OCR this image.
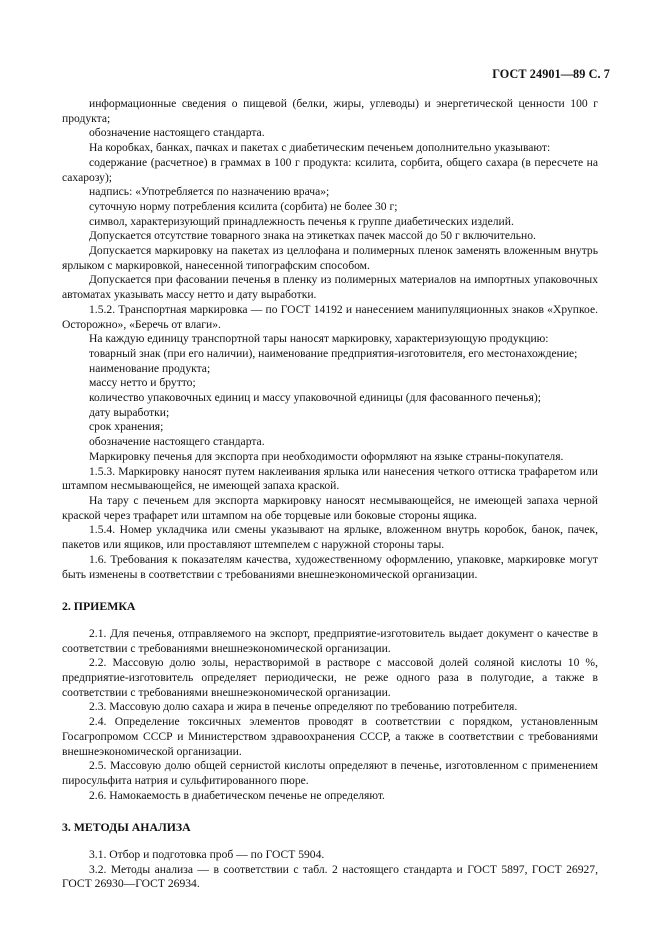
ГОСТ 24901—89 С. 7

информационные сведения о пищевой (белки, жиры, углеводы) и энергетической ценности 100 г продукта;

обозначение настоящего стандарта.

На коробках, банках, пачках и пакетах с диабетическим печеньем дополнительно указывают:

содержание (расчетное) в граммах в 100 г продукта: ксилита, сорбита, общего сахара (в пересчете на сахарозу);

надпись: «Употребляется по назначению врача»;

суточную норму потребления ксилита (сорбита) не более 30 г;

символ, характеризующий принадлежность печенья к группе диабетических изделий.

Допускается отсутствие товарного знака на этикетках пачек массой до 50 г включительно.

Допускается маркировку на пакетах из целлофана и полимерных пленок заменять вложенным внутрь ярлыком с маркировкой, нанесенной типографским способом.

Допускается при фасовании печенья в пленку из полимерных материалов на импортных упаковочных автоматах указывать массу нетто и дату выработки.

1.5.2. Транспортная маркировка — по ГОСТ 14192 и нанесением манипуляционных знаков «Хрупкое. Осторожно», «Беречь от влаги».

На каждую единицу транспортной тары наносят маркировку, характеризующую продукцию:

товарный знак (при его наличии), наименование предприятия-изготовителя, его местонахождение;

наименование продукта;

массу нетто и брутто;

количество упаковочных единиц и массу упаковочной единицы (для фасованного печенья);

дату выработки;

срок хранения;

обозначение настоящего стандарта.

Маркировку печенья для экспорта при необходимости оформляют на языке страны-покупателя.

1.5.3. Маркировку наносят путем наклеивания ярлыка или нанесения четкого оттиска трафаретом или штампом несмывающейся, не имеющей запаха краской.

На тару с печеньем для экспорта маркировку наносят несмывающейся, не имеющей запаха черной краской через трафарет или штампом на обе торцевые или боковые стороны ящика.

1.5.4. Номер укладчика или смены указывают на ярлыке, вложенном внутрь коробок, банок, пачек, пакетов или ящиков, или проставляют штемпелем с наружной стороны тары.

1.6. Требования к показателям качества, художественному оформлению, упаковке, маркировке могут быть изменены в соответствии с требованиями внешнеэкономической организации.

2. ПРИЕМКА

2.1. Для печенья, отправляемого на экспорт, предприятие-изготовитель выдает документ о качестве в соответствии с требованиями внешнеэкономической организации.

2.2. Массовую долю золы, нерастворимой в растворе с массовой долей соляной кислоты 10 %, предприятие-изготовитель определяет периодически, не реже одного раза в полугодие, а также в соответствии с требованиями внешнеэкономической организации.

2.3. Массовую долю сахара и жира в печенье определяют по требованию потребителя.

2.4. Определение токсичных элементов проводят в соответствии с порядком, установленным Госагропромом СССР и Министерством здравоохранения СССР, а также в соответствии с требованиями внешнеэкономической организации.

2.5. Массовую долю общей сернистой кислоты определяют в печенье, изготовленном с применением пиросульфита натрия и сульфитированного пюре.

2.6. Намокаемость в диабетическом печенье не определяют.

3. МЕТОДЫ АНАЛИЗА

3.1. Отбор и подготовка проб — по ГОСТ 5904.

3.2. Методы анализа — в соответствии с табл. 2 настоящего стандарта и ГОСТ 5897, ГОСТ 26927, ГОСТ 26930—ГОСТ 26934.
